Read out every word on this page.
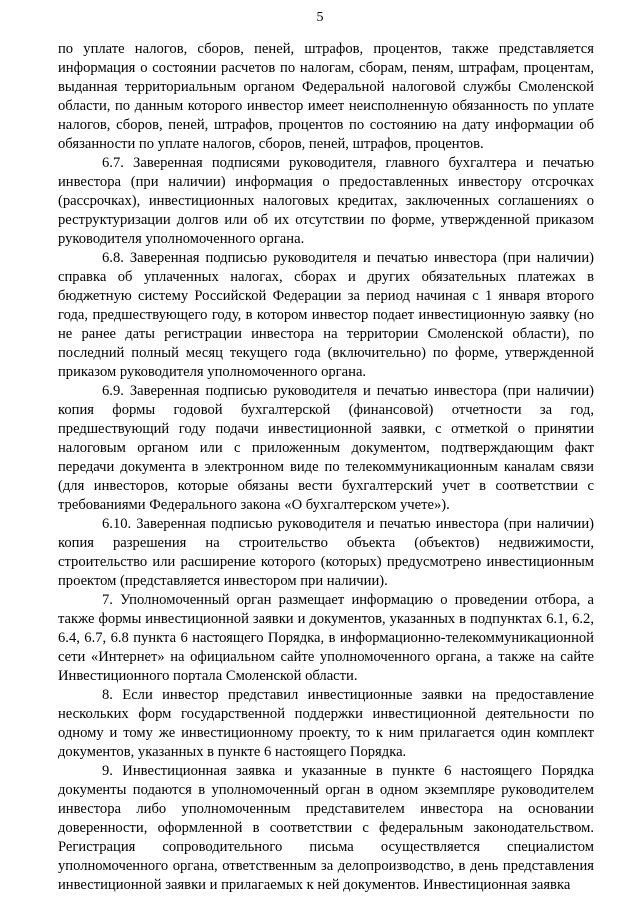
5

по уплате налогов, сборов, пеней, штрафов, процентов, также представляется информация о состоянии расчетов по налогам, сборам, пеням, штрафам, процентам, выданная территориальным органом Федеральной налоговой службы Смоленской области, по данным которого инвестор имеет неисполненную обязанность по уплате налогов, сборов, пеней, штрафов, процентов по состоянию на дату информации об обязанности по уплате налогов, сборов, пеней, штрафов, процентов.

6.7. Заверенная подписями руководителя, главного бухгалтера и печатью инвестора (при наличии) информация о предоставленных инвестору отсрочках (рассрочках), инвестиционных налоговых кредитах, заключенных соглашениях о реструктуризации долгов или об их отсутствии по форме, утвержденной приказом руководителя уполномоченного органа.

6.8. Заверенная подписью руководителя и печатью инвестора (при наличии) справка об уплаченных налогах, сборах и других обязательных платежах в бюджетную систему Российской Федерации за период начиная с 1 января второго года, предшествующего году, в котором инвестор подает инвестиционную заявку (но не ранее даты регистрации инвестора на территории Смоленской области), по последний полный месяц текущего года (включительно) по форме, утвержденной приказом руководителя уполномоченного органа.

6.9. Заверенная подписью руководителя и печатью инвестора (при наличии) копия формы годовой бухгалтерской (финансовой) отчетности за год, предшествующий году подачи инвестиционной заявки, с отметкой о принятии налоговым органом или с приложенным документом, подтверждающим факт передачи документа в электронном виде по телекоммуникационным каналам связи (для инвесторов, которые обязаны вести бухгалтерский учет в соответствии с требованиями Федерального закона «О бухгалтерском учете»).

6.10. Заверенная подписью руководителя и печатью инвестора (при наличии) копия разрешения на строительство объекта (объектов) недвижимости, строительство или расширение которого (которых) предусмотрено инвестиционным проектом (представляется инвестором при наличии).

7. Уполномоченный орган размещает информацию о проведении отбора, а также формы инвестиционной заявки и документов, указанных в подпунктах 6.1, 6.2, 6.4, 6.7, 6.8 пункта 6 настоящего Порядка, в информационно-телекоммуникационной сети «Интернет» на официальном сайте уполномоченного органа, а также на сайте Инвестиционного портала Смоленской области.

8. Если инвестор представил инвестиционные заявки на предоставление нескольких форм государственной поддержки инвестиционной деятельности по одному и тому же инвестиционному проекту, то к ним прилагается один комплект документов, указанных в пункте 6 настоящего Порядка.

9. Инвестиционная заявка и указанные в пункте 6 настоящего Порядка документы подаются в уполномоченный орган в одном экземпляре руководителем инвестора либо уполномоченным представителем инвестора на основании доверенности, оформленной в соответствии с федеральным законодательством. Регистрация сопроводительного письма осуществляется специалистом уполномоченного органа, ответственным за делопроизводство, в день представления инвестиционной заявки и прилагаемых к ней документов. Инвестиционная заявка
